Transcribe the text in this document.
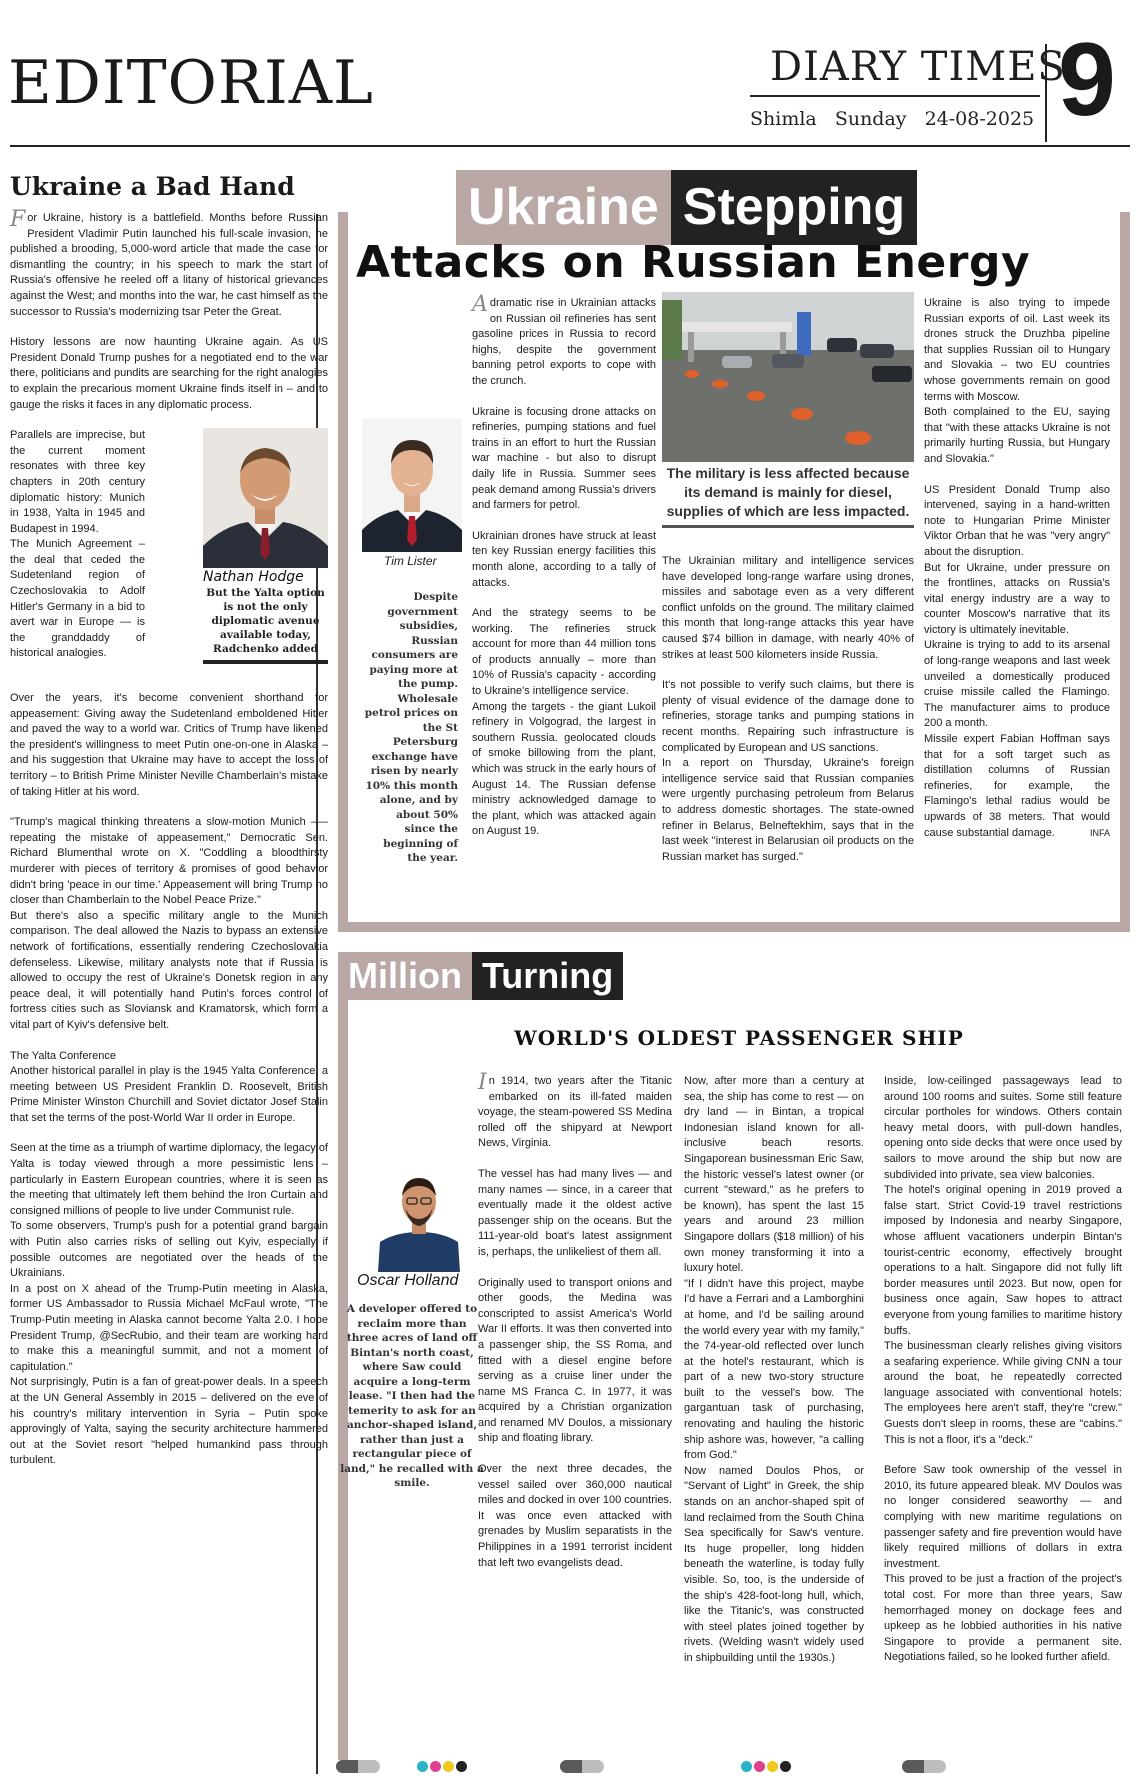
EDITORIAL	DIARY TIMES
Shimla Sunday 24-08-2025 9
Ukraine a Bad Hand

For Ukraine, history is a battlefield. Months before Russian President Vladimir Putin launched his full-scale invasion, he published a brooding, 5,000-word article that made the case for dismantling the country; in his speech to mark the start of Russia's offensive he reeled off a litany of historical grievances against the West; and months into the war, he cast himself as the successor to Russia's modernizing tsar Peter the Great.

History lessons are now haunting Ukraine again. As US President Donald Trump pushes for a negotiated end to the war there, politicians and pundits are searching for the right analogies to explain the precarious moment Ukraine finds itself in – and to gauge the risks it faces in any diplomatic process.

Nathan Hodge
But the Yalta option is not the only diplomatic avenue available today, Radchenko added

Parallels are imprecise, but the current moment resonates with three key chapters in 20th century diplomatic history: Munich in 1938, Yalta in 1945 and Budapest in 1994.

The Munich Agreement – the deal that ceded the Sudetenland region of Czechoslovakia to Adolf Hitler's Germany in a bid to avert war in Europe — is the granddaddy of historical analogies.

Over the years, it's become convenient shorthand for appeasement: Giving away the Sudetenland emboldened Hitler and paved the way to a world war. Critics of Trump have likened the president's willingness to meet Putin one-on-one in Alaska – and his suggestion that Ukraine may have to accept the loss of territory – to British Prime Minister Neville Chamberlain's mistake of taking Hitler at his word.

"Trump's magical thinking threatens a slow-motion Munich —–repeating the mistake of appeasement," Democratic Sen. Richard Blumenthal wrote on X. "Coddling a bloodthirsty murderer with pieces of territory & promises of good behavior didn't bring 'peace in our time.' Appeasement will bring Trump no closer than Chamberlain to the Nobel Peace Prize."

But there's also a specific military angle to the Munich comparison. The deal allowed the Nazis to bypass an extensive network of fortifications, essentially rendering Czechoslovakia defenseless. Likewise, military analysts note that if Russia is allowed to occupy the rest of Ukraine's Donetsk region in any peace deal, it will potentially hand Putin's forces control of fortress cities such as Sloviansk and Kramatorsk, which form a vital part of Kyiv's defensive belt.

The Yalta Conference

Another historical parallel in play is the 1945 Yalta Conference, a meeting between US President Franklin D. Roosevelt, British Prime Minister Winston Churchill and Soviet dictator Josef Stalin that set the terms of the post-World War II order in Europe.

Seen at the time as a triumph of wartime diplomacy, the legacy of Yalta is today viewed through a more pessimistic lens – particularly in Eastern European countries, where it is seen as the meeting that ultimately left them behind the Iron Curtain and consigned millions of people to live under Communist rule.

To some observers, Trump's push for a potential grand bargain with Putin also carries risks of selling out Kyiv, especially if possible outcomes are negotiated over the heads of the Ukrainians.

In a post on X ahead of the Trump-Putin meeting in Alaska, former US Ambassador to Russia Michael McFaul wrote, "The Trump-Putin meeting in Alaska cannot become Yalta 2.0. I hope President Trump, @SecRubio, and their team are working hard to make this a meaningful summit, and not a moment of capitulation."

Not surprisingly, Putin is a fan of great-power deals. In a speech at the UN General Assembly in 2015 – delivered on the eve of his country's military intervention in Syria – Putin spoke approvingly of Yalta, saying the security architecture hammered out at the Soviet resort "helped humankind pass through turbulent.

Ukraine Stepping
Attacks on Russian Energy
Tim Lister
Despite government subsidies, Russian consumers are paying more at the pump. Wholesale petrol prices on the St Petersburg exchange have risen by nearly 10% this month alone, and by about 50% since the beginning of the year.

Adramatic rise in Ukrainian attacks on Russian oil refineries has sent gasoline prices in Russia to record highs, despite the government banning petrol exports to cope with the crunch.

Ukraine is focusing drone attacks on refineries, pumping stations and fuel trains in an effort to hurt the Russian war machine - but also to disrupt daily life in Russia. Summer sees peak demand among Russia's drivers and farmers for petrol.

Ukrainian drones have struck at least ten key Russian energy facilities this month alone, according to a tally of attacks.

And the strategy seems to be working. The refineries struck account for more than 44 million tons of products annually – more than 10% of Russia's capacity - according to Ukraine's intelligence service.

Among the targets - the giant Lukoil refinery in Volgograd, the largest in southern Russia. geolocated clouds of smoke billowing from the plant, which was struck in the early hours of August 14. The Russian defense ministry acknowledged damage to the plant, which was attacked again on August 19.

The military is less affected because its demand is mainly for diesel, supplies of which are less impacted.

The Ukrainian military and intelligence services have developed long-range warfare using drones, missiles and sabotage even as a very different conflict unfolds on the ground. The military claimed this month that long-range attacks this year have caused $74 billion in damage, with nearly 40% of strikes at least 500 kilometers inside Russia.

It's not possible to verify such claims, but there is plenty of visual evidence of the damage done to refineries, storage tanks and pumping stations in recent months. Repairing such infrastructure is complicated by European and US sanctions.

In a report on Thursday, Ukraine's foreign intelligence service said that Russian companies were urgently purchasing petroleum from Belarus to address domestic shortages. The state-owned refiner in Belarus, Belneftekhim, says that in the last week "interest in Belarusian oil products on the Russian market has surged."

Ukraine is also trying to impede Russian exports of oil. Last week its drones struck the Druzhba pipeline that supplies Russian oil to Hungary and Slovakia – two EU countries whose governments remain on good terms with Moscow.

Both complained to the EU, saying that "with these attacks Ukraine is not primarily hurting Russia, but Hungary and Slovakia."

US President Donald Trump also intervened, saying in a hand-written note to Hungarian Prime Minister Viktor Orban that he was "very angry" about the disruption.

But for Ukraine, under pressure on the frontlines, attacks on Russia's vital energy industry are a way to counter Moscow's narrative that its victory is ultimately inevitable.

Ukraine is trying to add to its arsenal of long-range weapons and last week unveiled a domestically produced cruise missile called the Flamingo. The manufacturer aims to produce 200 a month.

Missile expert Fabian Hoffman says that for a soft target such as distillation columns of Russian refineries, for example, the Flamingo's lethal radius would be upwards of 38 meters. That would cause substantial damage.	INFA

Million Turning
WORLD'S OLDEST PASSENGER SHIP
Oscar Holland
A developer offered to reclaim more than three acres of land off Bintan's north coast, where Saw could acquire a long-term lease. "I then had the temerity to ask for an anchor-shaped island, rather than just a rectangular piece of land," he recalled with a smile.

In 1914, two years after the Titanic embarked on its ill-fated maiden voyage, the steam-powered SS Medina rolled off the shipyard at Newport News, Virginia.

The vessel has had many lives — and many names — since, in a career that eventually made it the oldest active passenger ship on the oceans. But the 111-year-old boat's latest assignment is, perhaps, the unlikeliest of them all.

Originally used to transport onions and other goods, the Medina was conscripted to assist America's World War II efforts. It was then converted into a passenger ship, the SS Roma, and fitted with a diesel engine before serving as a cruise liner under the name MS Franca C. In 1977, it was acquired by a Christian organization and renamed MV Doulos, a missionary ship and floating library.

Over the next three decades, the vessel sailed over 360,000 nautical miles and docked in over 100 countries. It was once even attacked with grenades by Muslim separatists in the Philippines in a 1991 terrorist incident that left two evangelists dead.

Now, after more than a century at sea, the ship has come to rest — on dry land — in Bintan, a tropical Indonesian island known for all-inclusive beach resorts. Singaporean businessman Eric Saw, the historic vessel's latest owner (or current "steward," as he prefers to be known), has spent the last 15 years and around 23 million Singapore dollars ($18 million) of his own money transforming it into a luxury hotel.

"If I didn't have this project, maybe I'd have a Ferrari and a Lamborghini at home, and I'd be sailing around the world every year with my family," the 74-year-old reflected over lunch at the hotel's restaurant, which is part of a new two-story structure built to the vessel's bow. The gargantuan task of purchasing, renovating and hauling the historic ship ashore was, however, "a calling from God."

Now named Doulos Phos, or "Servant of Light" in Greek, the ship stands on an anchor-shaped spit of land reclaimed from the South China Sea specifically for Saw's venture. Its huge propeller, long hidden beneath the waterline, is today fully visible. So, too, is the underside of the ship's 428-foot-long hull, which, like the Titanic's, was constructed with steel plates joined together by rivets. (Welding wasn't widely used in shipbuilding until the 1930s.)

Inside, low-ceilinged passageways lead to around 100 rooms and suites. Some still feature circular portholes for windows. Others contain heavy metal doors, with pull-down handles, opening onto side decks that were once used by sailors to move around the ship but now are subdivided into private, sea view balconies.

The hotel's original opening in 2019 proved a false start. Strict Covid-19 travel restrictions imposed by Indonesia and nearby Singapore, whose affluent vacationers underpin Bintan's tourist-centric economy, effectively brought operations to a halt. Singapore did not fully lift border measures until 2023. But now, open for business once again, Saw hopes to attract everyone from young families to maritime history buffs.

The businessman clearly relishes giving visitors a seafaring experience. While giving CNN a tour around the boat, he repeatedly corrected language associated with conventional hotels: The employees here aren't staff, they're "crew." Guests don't sleep in rooms, these are "cabins." This is not a floor, it's a "deck."

Before Saw took ownership of the vessel in 2010, its future appeared bleak. MV Doulos was no longer considered seaworthy — and complying with new maritime regulations on passenger safety and fire prevention would have likely required millions of dollars in extra investment.

This proved to be just a fraction of the project's total cost. For more than three years, Saw hemorrhaged money on dockage fees and upkeep as he lobbied authorities in his native Singapore to provide a permanent site. Negotiations failed, so he looked further afield.
